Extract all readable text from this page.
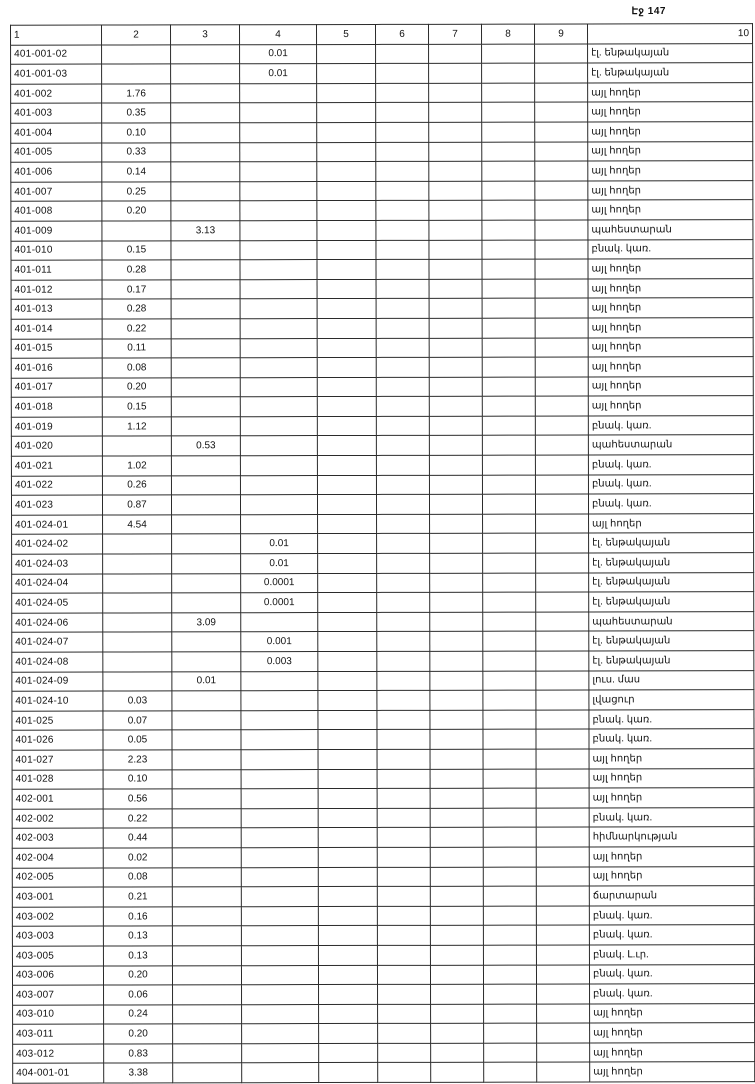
Էջ 147
1	2	3	4	5	6	7	8	9	10
401-001-02			0.01						էլ. ենթակայան
401-001-03			0.01						էլ. ենթակայան
401-002	1.76								այլ հողեր
401-003	0.35								այլ հողեր
401-004	0.10								այլ հողեր
401-005	0.33								այլ հողեր
401-006	0.14								այլ հողեր
401-007	0.25								այլ հողեր
401-008	0.20								այլ հողեր
401-009		3.13							պահեստարան
401-010	0.15								բնակ. կառ.
401-011	0.28								այլ հողեր
401-012	0.17								այլ հողեր
401-013	0.28								այլ հողեր
401-014	0.22								այլ հողեր
401-015	0.11								այլ հողեր
401-016	0.08								այլ հողեր
401-017	0.20								այլ հողեր
401-018	0.15								այլ հողեր
401-019	1.12								բնակ. կառ.
401-020		0.53							պահեստարան
401-021	1.02								բնակ. կառ.
401-022	0.26								բնակ. կառ.
401-023	0.87								բնակ. կառ.
401-024-01	4.54								այլ հողեր
401-024-02			0.01						էլ. ենթակայան
401-024-03			0.01						էլ. ենթակայան
401-024-04			0.0001						էլ. ենթակայան
401-024-05			0.0001						էլ. ենթակայան
401-024-06		3.09							պահեստարան
401-024-07			0.001						էլ. ենթակայան
401-024-08			0.003						էլ. ենթակայան
401-024-09		0.01							լուս. մաս
401-024-10	0.03								լվացուր
401-025	0.07								բնակ. կառ.
401-026	0.05								բնակ. կառ.
401-027	2.23								այլ հողեր
401-028	0.10								այլ հողեր
402-001	0.56								այլ հողեր
402-002	0.22								բնակ. կառ.
402-003	0.44								հիմնարկության
402-004	0.02								այլ հողեր
402-005	0.08								այլ հողեր
403-001	0.21								ճարտարան
403-002	0.16								բնակ. կառ.
403-003	0.13								բնակ. կառ.
403-005	0.13								բնակ. Լ.ւր.
403-006	0.20								բնակ. կառ.
403-007	0.06								բնակ. կառ.
403-010	0.24								այլ հողեր
403-011	0.20								այլ հողեր
403-012	0.83								այլ հողեր
404-001-01	3.38								այլ հողեր
